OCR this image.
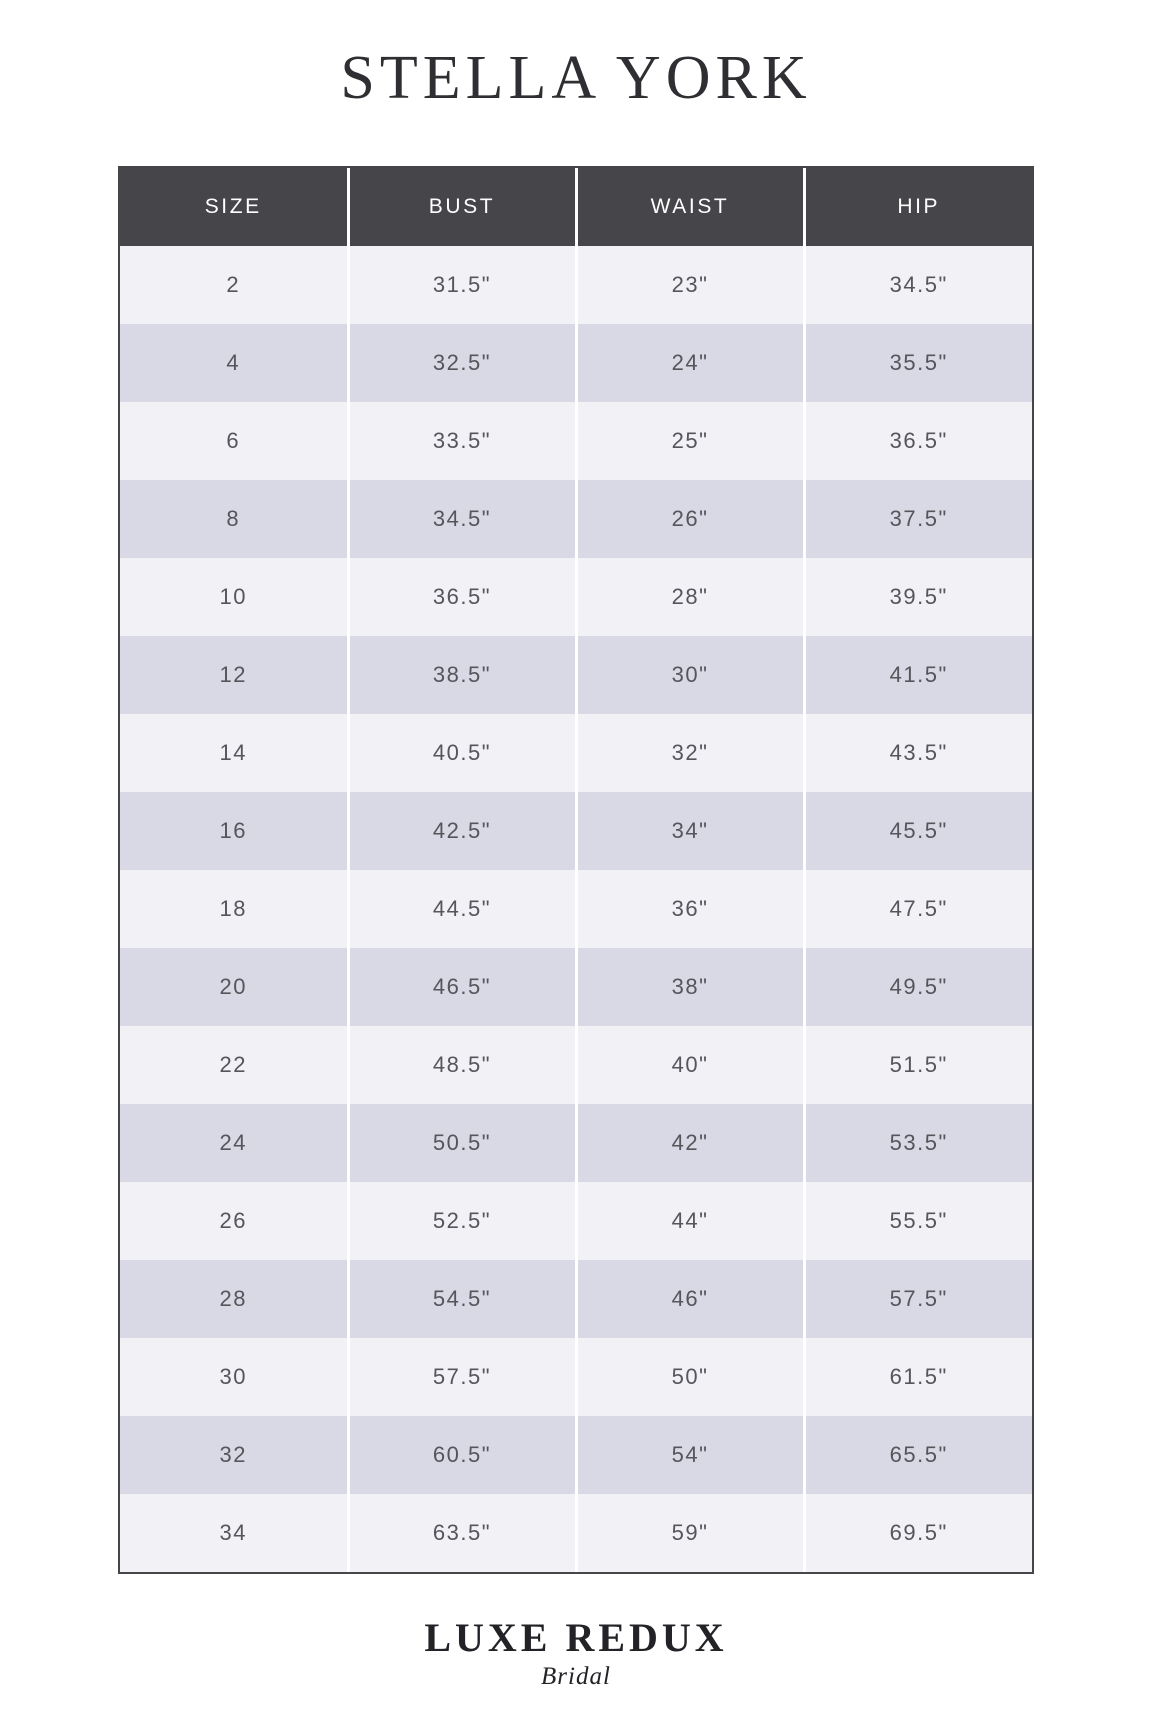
STELLA YORK
SIZE	BUST	WAIST	HIP
2	31.5"	23"	34.5"
4	32.5"	24"	35.5"
6	33.5"	25"	36.5"
8	34.5"	26"	37.5"
10	36.5"	28"	39.5"
12	38.5"	30"	41.5"
14	40.5"	32"	43.5"
16	42.5"	34"	45.5"
18	44.5"	36"	47.5"
20	46.5"	38"	49.5"
22	48.5"	40"	51.5"
24	50.5"	42"	53.5"
26	52.5"	44"	55.5"
28	54.5"	46"	57.5"
30	57.5"	50"	61.5"
32	60.5"	54"	65.5"
34	63.5"	59"	69.5"
LUXE REDUX
Bridal
